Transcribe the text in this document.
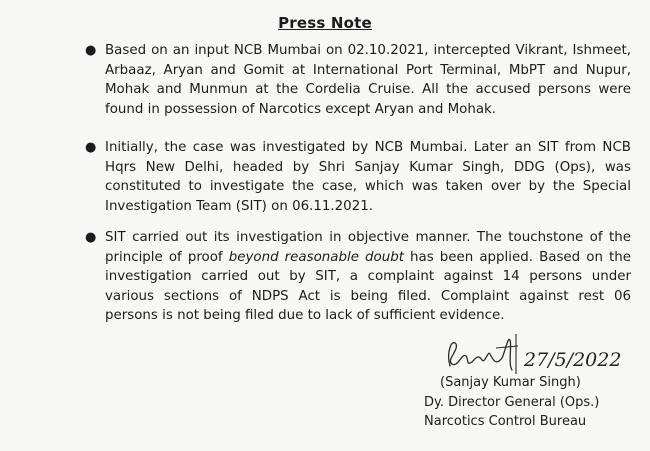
Press Note
● Based on an input NCB Mumbai on 02.10.2021, intercepted Vikrant, Ishmeet,
Arbaaz, Aryan and Gomit at International Port Terminal, MbPT and Nupur,
Mohak and Munmun at the Cordelia Cruise. All the accused persons were
found in possession of Narcotics except Aryan and Mohak.
● Initially, the case was investigated by NCB Mumbai. Later an SIT from NCB
Hqrs New Delhi, headed by Shri Sanjay Kumar Singh, DDG (Ops), was
constituted to investigate the case, which was taken over by the Special
Investigation Team (SIT) on 06.11.2021.
● SIT carried out its investigation in objective manner. The touchstone of the
principle of proof beyond reasonable doubt has been applied. Based on the
investigation carried out by SIT, a complaint against 14 persons under
various sections of NDPS Act is being filed. Complaint against rest 06
persons is not being filed due to lack of sufficient evidence.
27/5/2022
(Sanjay Kumar Singh)
Dy. Director General (Ops.)
Narcotics Control Bureau
